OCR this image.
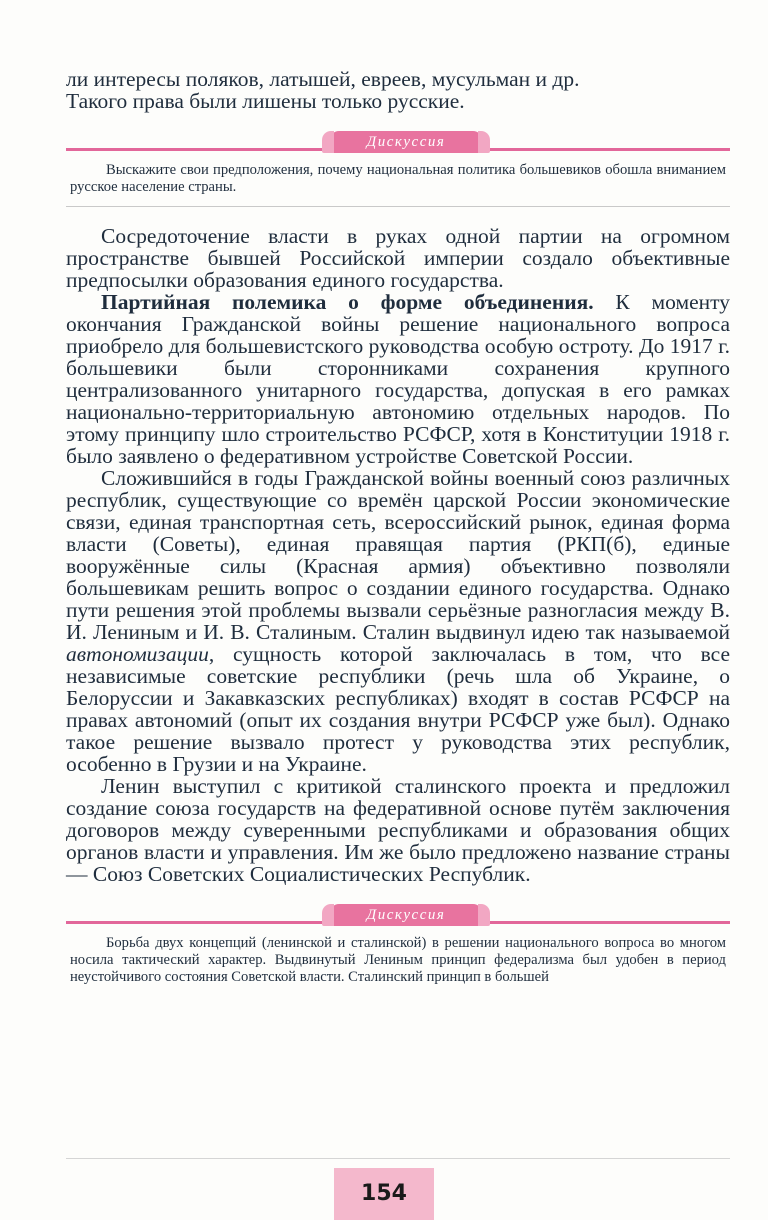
ли интересы поляков, латышей, евреев, мусульман и др.

Такого права были лишены только русские.

Дискуссия

Выскажите свои предположения, почему национальная политика большевиков обошла вниманием русское население страны.

Сосредоточение власти в руках одной партии на огромном пространстве бывшей Российской империи создало объективные предпосылки образования единого государства.

Партийная полемика о форме объединения. К моменту окончания Гражданской войны решение национального вопроса приобрело для большевистского руководства особую остроту. До 1917 г. большевики были сторонниками сохранения крупного централизованного унитарного государства, допуская в его рамках национально-территориальную автономию отдельных народов. По этому принципу шло строительство РСФСР, хотя в Конституции 1918 г. было заявлено о федеративном устройстве Советской России.

Сложившийся в годы Гражданской войны военный союз различных республик, существующие со времён царской России экономические связи, единая транспортная сеть, всероссийский рынок, единая форма власти (Советы), единая правящая партия (РКП(б), единые вооружённые силы (Красная армия) объективно позволяли большевикам решить вопрос о создании единого государства. Однако пути решения этой проблемы вызвали серьёзные разногласия между В. И. Лениным и И. В. Сталиным. Сталин выдвинул идею так называемой автономизации, сущность которой заключалась в том, что все независимые советские республики (речь шла об Украине, о Белоруссии и Закавказских республиках) входят в состав РСФСР на правах автономий (опыт их создания внутри РСФСР уже был). Однако такое решение вызвало протест у руководства этих республик, особенно в Грузии и на Украине.

Ленин выступил с критикой сталинского проекта и предложил создание союза государств на федеративной основе путём заключения договоров между суверенными республиками и образования общих органов власти и управления. Им же было предложено название страны — Союз Советских Социалистических Республик.

Дискуссия

Борьба двух концепций (ленинской и сталинской) в решении национального вопроса во многом носила тактический характер. Выдвинутый Лениным принцип федерализма был удобен в период неустойчивого состояния Советской власти. Сталинский принцип в большей

154
